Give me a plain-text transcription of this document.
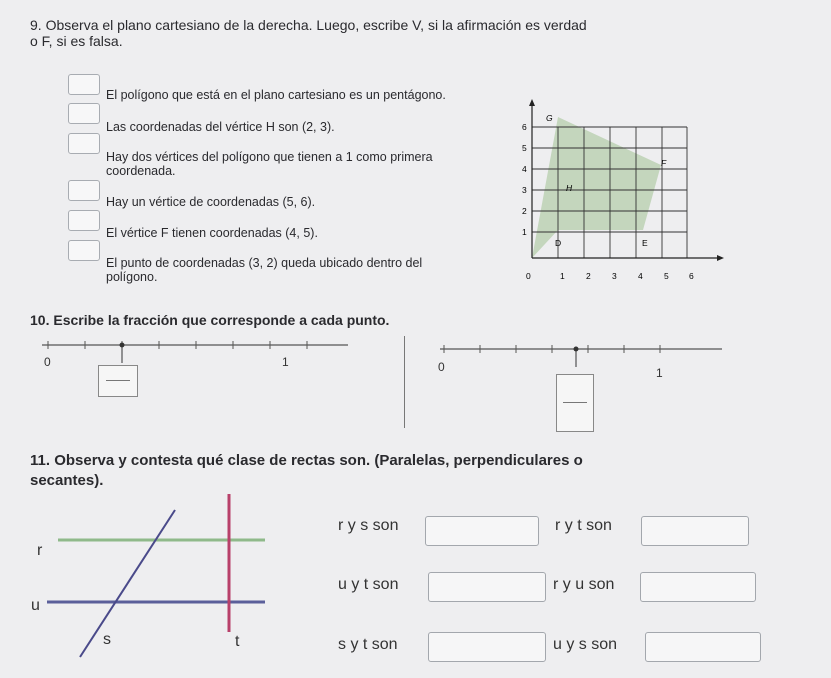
9. Observa el plano cartesiano de la derecha. Luego, escribe V, si la afirmación es verdad
o F, si es falsa.
El polígono que está en el plano cartesiano es un pentágono.
Las coordenadas del vértice H son (2, 3).
Hay dos vértices del polígono que tienen a 1 como primera
coordenada.
Hay un vértice de coordenadas (5, 6).
El vértice F tienen coordenadas (4, 5).
El punto de coordenadas (3, 2) queda ubicado dentro del
polígono.	0	1	2	3	4	5 6
1
2
3
4
5
6
G
F
H
D	E
10. Escribe la fracción que corresponde a cada punto.
0	1	0	1
11. Observa y contesta qué clase de rectas son. (Paralelas, perpendiculares o
secantes).
r
u
s	t
r y s son	r y t son
u y t son	r y u son
s y t son	u y s son
